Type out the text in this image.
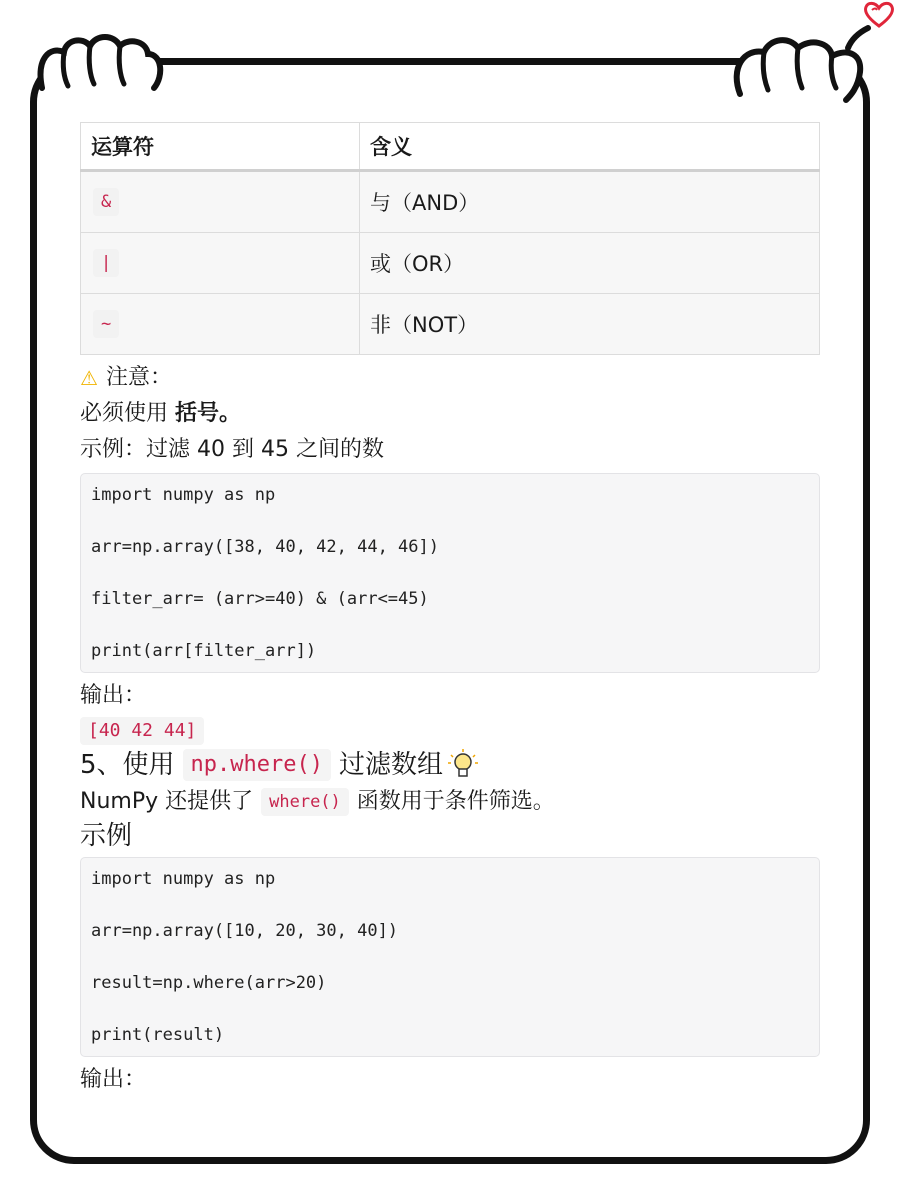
运算符	含义
&	与（AND）
|	或（OR）
~	非（NOT）
⚠ 注意：

必须使用 括号。

示例：过滤 40 到 45 之间的数

import numpy as np
arr=np.array([38, 40, 42, 44, 46])
filter_arr= (arr>=40) & (arr<=45)
print(arr[filter_arr])

输出：

[40 42 44]
5、使用 np.where() 过滤数组

NumPy 还提供了 where() 函数用于条件筛选。

示例

import numpy as np
arr=np.array([10, 20, 30, 40])
result=np.where(arr>20)
print(result)

输出：
